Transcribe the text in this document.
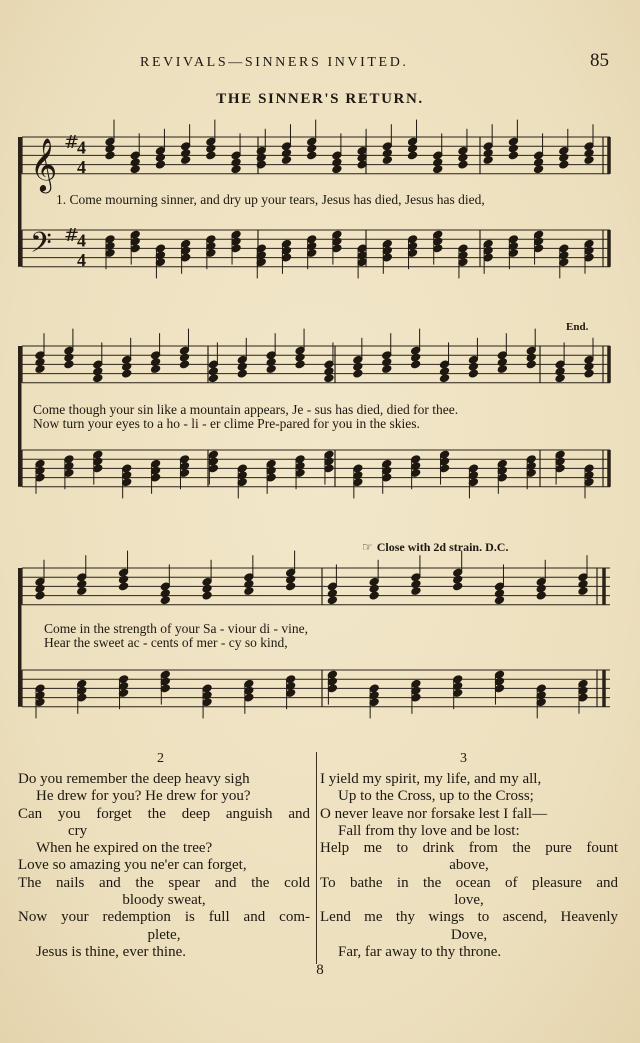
REVIVALS—SINNERS INVITED.	85
THE SINNER'S RETURN.
𝄞 4
4
#
𝄢 4
4
#
1. Come mourning sinner, and dry up your tears, Jesus has died, Jesus has died,
Come though your sin like a mountain appears, Je - sus has died, died for thee.
Now turn your eyes to a ho - li - er clime Pre-pared for you in the skies.
End.
Come in the strength of your Sa - viour di - vine,
Hear the sweet ac - cents of mer - cy so kind,
☞ Close with 2d strain. D.C.
2	3
Do you remember the deep heavy sigh
He drew for you? He drew for you?
Can you forget the deep anguish and
cry
When he expired on the tree?
Love so amazing you ne'er can forget,
The nails and the spear and the cold
bloody sweat,
Now your redemption is full and com-
plete,
Jesus is thine, ever thine.
I yield my spirit, my life, and my all,
Up to the Cross, up to the Cross;
O never leave nor forsake lest I fall—
Fall from thy love and be lost:
Help me to drink from the pure fount
above,
To bathe in the ocean of pleasure and
love,
Lend me thy wings to ascend, Heavenly
Dove,
Far, far away to thy throne.
8
